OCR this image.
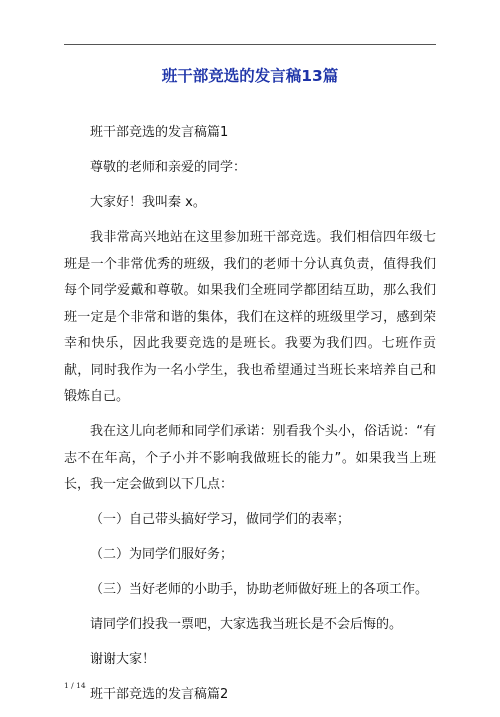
班干部竞选的发言稿13篇

班干部竞选的发言稿篇1

尊敬的老师和亲爱的同学：

大家好！我叫秦 x。

我非常高兴地站在这里参加班干部竞选。我们相信四年级七班是一个非常优秀的班级，我们的老师十分认真负责，值得我们每个同学爱戴和尊敬。如果我们全班同学都团结互助，那么我们班一定是个非常和谐的集体，我们在这样的班级里学习，感到荣幸和快乐，因此我要竞选的是班长。我要为我们四。七班作贡献，同时我作为一名小学生，我也希望通过当班长来培养自己和锻炼自己。

我在这儿向老师和同学们承诺：别看我个头小，俗话说：“有志不在年高，个子小并不影响我做班长的能力”。如果我当上班长，我一定会做到以下几点：

（一）自己带头搞好学习，做同学们的表率；

（二）为同学们服好务；

（三）当好老师的小助手，协助老师做好班上的各项工作。

请同学们投我一票吧，大家选我当班长是不会后悔的。

谢谢大家！

班干部竞选的发言稿篇2

1 / 14
